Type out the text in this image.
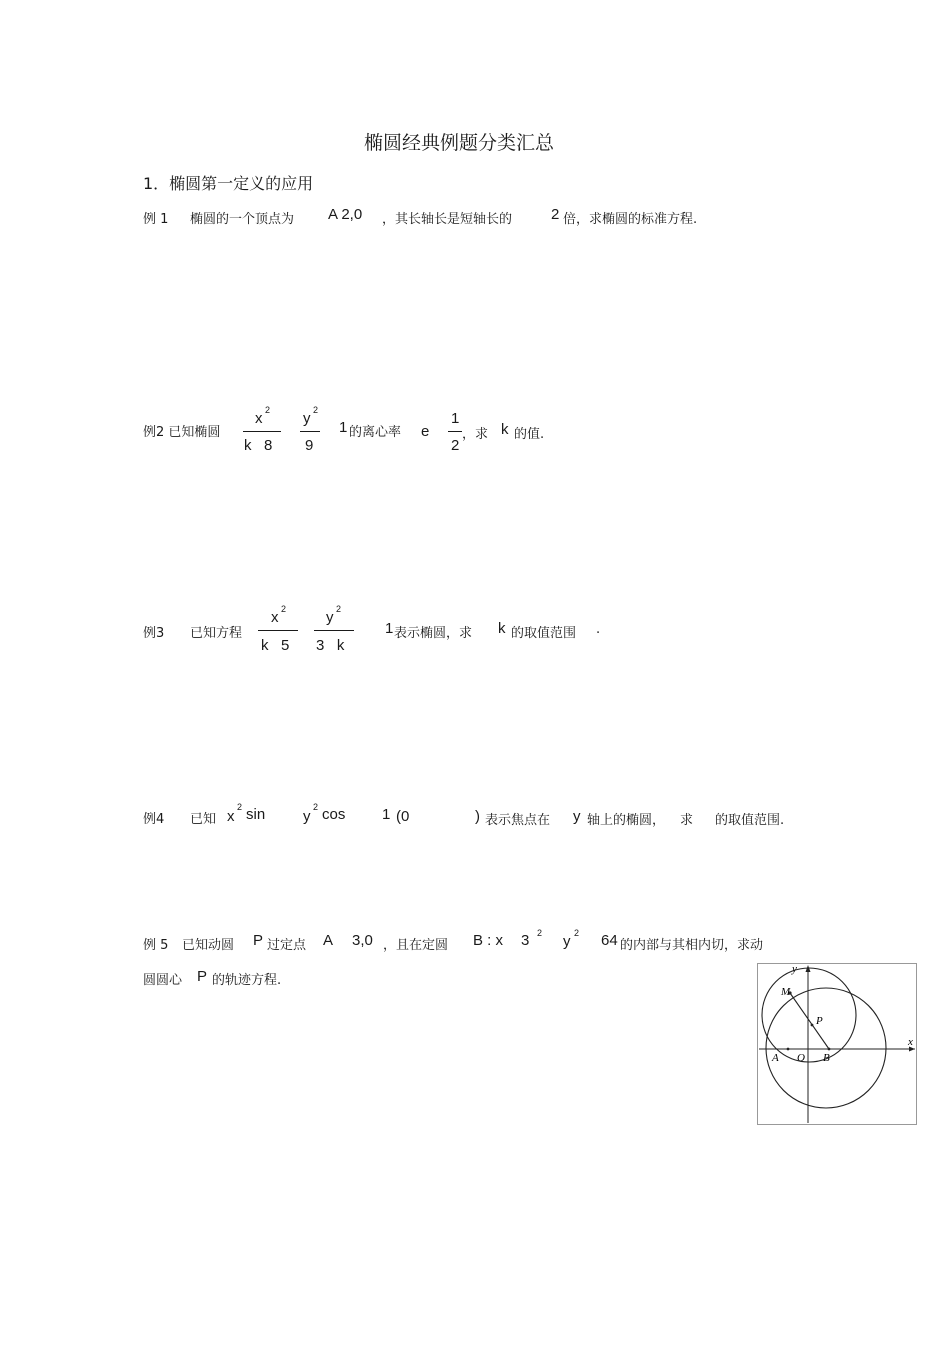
椭圆经典例题分类汇总
1．椭圆第一定义的应用
例 1 椭圆的一个顶点为 A 2,0 ，其长轴长是短轴长的	2 倍，求椭圆的标准方程.
例2 已知椭圆
x 2
k   8
y 2
9
1 的离心率 e
1
2
，求 k 的值.
例3 已知方程
x 2
k   5
y 2
3   k
1 表示椭圆，求 k 的取值范围 .
例4 已知 x
2 sin	y
2 cos 1 (0	) 表示焦点在 y 轴上的椭圆， 求 的取值范围.
例 5 已知动圆 P 过定点 A 3,0 ，且在定圆 B : x 3 2 y 2 64 的内部与其相内切，求动
圆圆心 P 的轨迹方程.
y
x
M
P
A O B
